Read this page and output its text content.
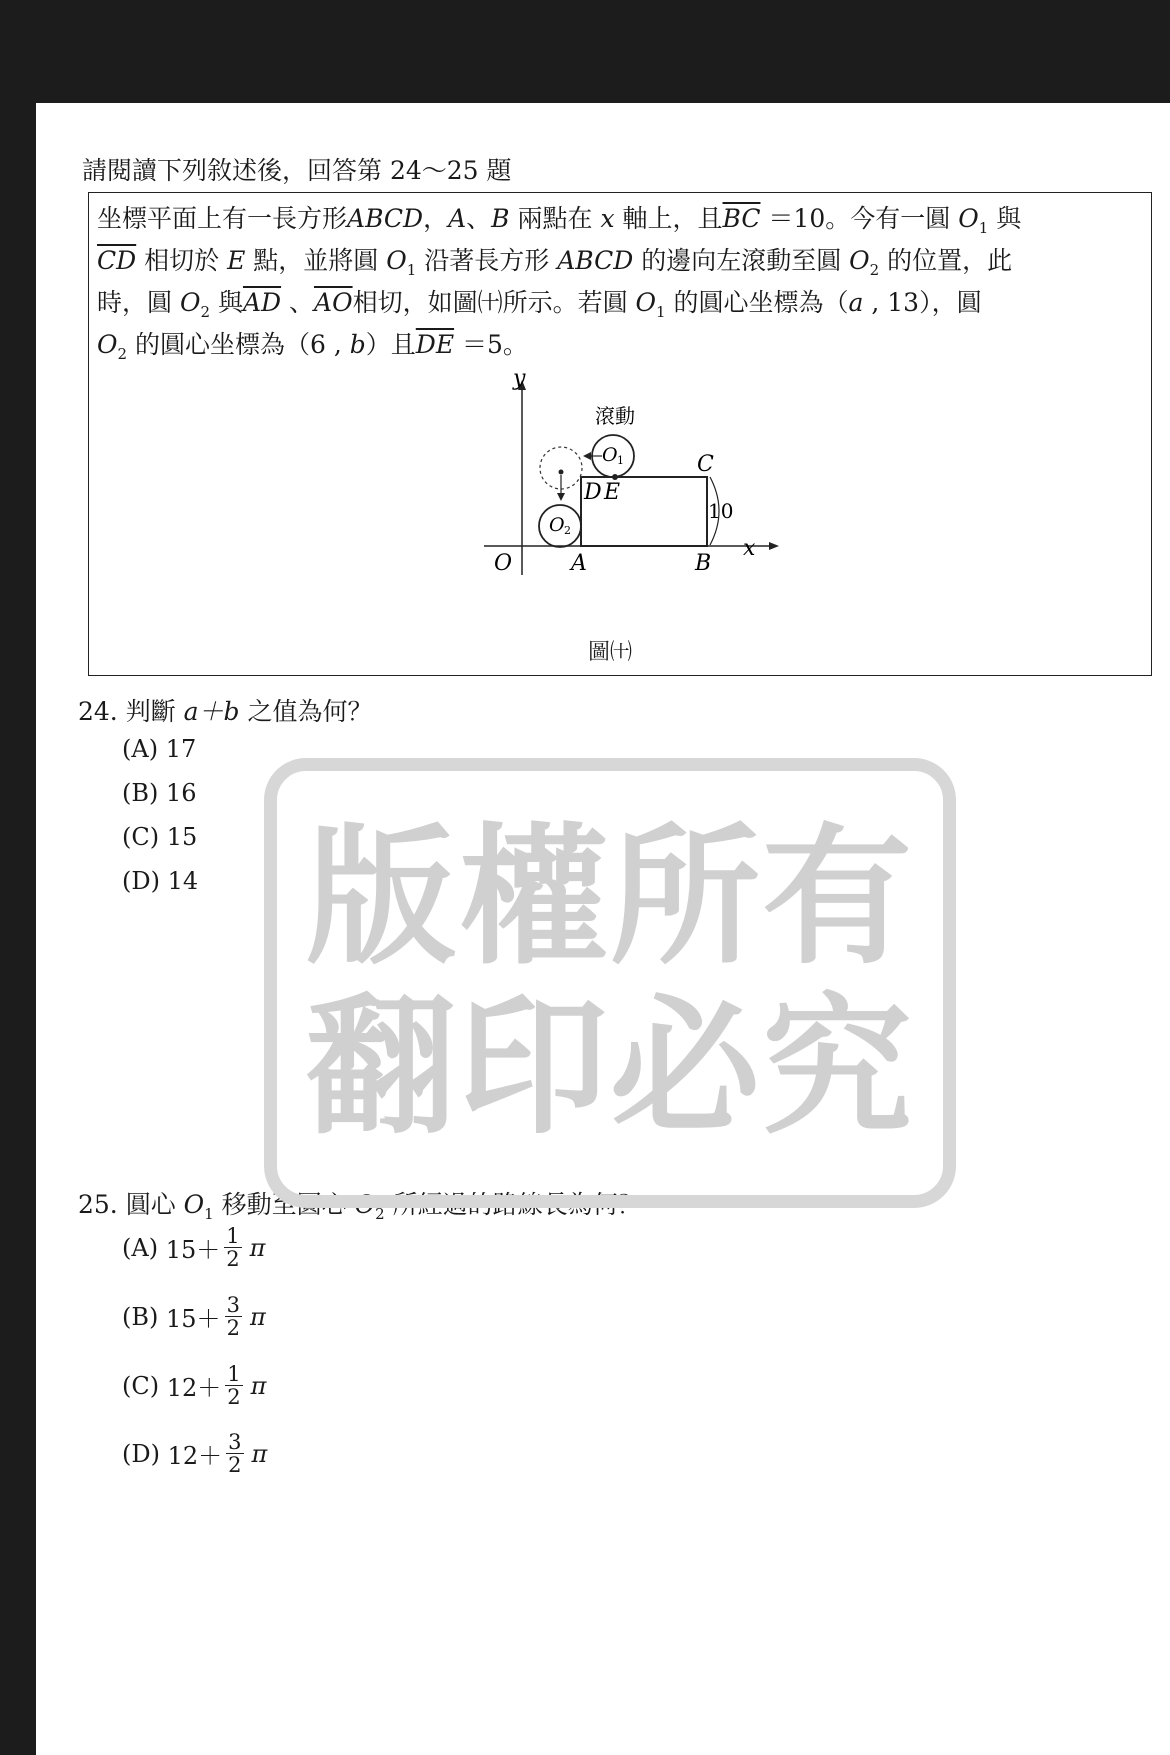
請閱讀下列敘述後，回答第 24～25 題
坐標平面上有一長方形ABCD，A、B 兩點在 x 軸上，且$\overline{BC} =10$。今有一圓 $O_1$ 與
$\overline{CD}$ 相切於 E 點，並將圓 $O_1$ 沿著長方形 ABCD 的邊向左滾動至圓 $O_2$ 的位置，此
時，圓 $O_2$ 與$\overline{AD}$ 、$\overline{AO}$相切，如圖㈩所示。若圓 $O_1$ 的圓心坐標為（a , 13），圓
$O_2$ 的圓心坐標為（6 , b）且$\overline{DE} =5$。
y
x
O	A	B
C
D E
10
滾動
O 1
O 2
圖㈩
24. 判斷 a＋b 之值為何？
(A) 17
(B) 16
(C) 15
(D) 14
25. 圓心 $O_1$ 移動至圓心 $O_2$ 所經過的路線長為何？
(A)
$15+ \frac{1}{2}$ π
(B)
$15+ \frac{3}{2}$ π
(C)
$12+ \frac{1}{2}$ π
(D)
$12+ \frac{3}{2}$ π
版權所有
翻印必究
